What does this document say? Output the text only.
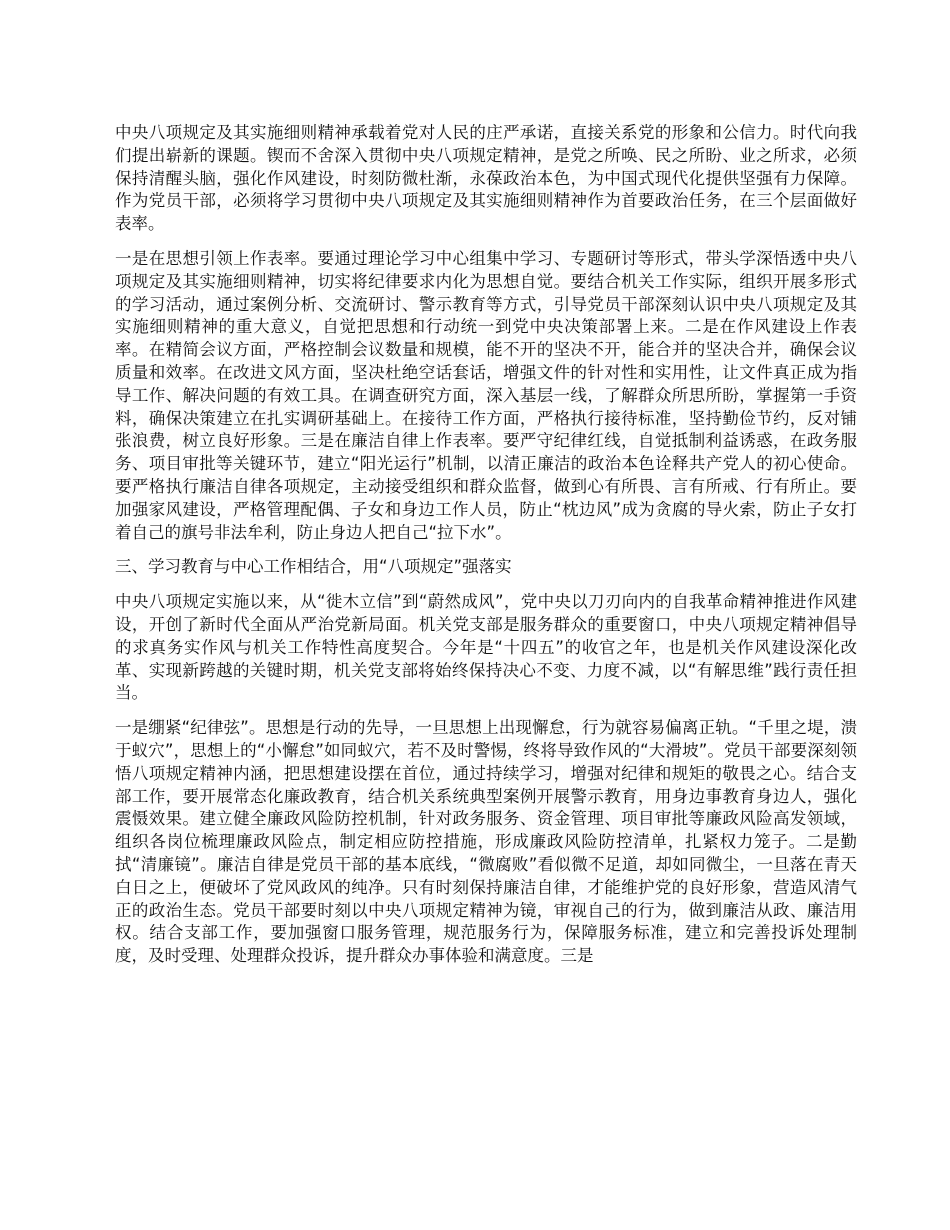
中央八项规定及其实施细则精神承载着党对人民的庄严承诺，直接关系党的形象和公信力。时代向我们提出崭新的课题。锲而不舍深入贯彻中央八项规定精神，是党之所唤、民之所盼、业之所求，必须保持清醒头脑，强化作风建设，时刻防微杜渐，永葆政治本色，为中国式现代化提供坚强有力保障。作为党员干部，必须将学习贯彻中央八项规定及其实施细则精神作为首要政治任务，在三个层面做好表率。

一是在思想引领上作表率。要通过理论学习中心组集中学习、专题研讨等形式，带头学深悟透中央八项规定及其实施细则精神，切实将纪律要求内化为思想自觉。要结合机关工作实际，组织开展多形式的学习活动，通过案例分析、交流研讨、警示教育等方式，引导党员干部深刻认识中央八项规定及其实施细则精神的重大意义，自觉把思想和行动统一到党中央决策部署上来。二是在作风建设上作表率。在精简会议方面，严格控制会议数量和规模，能不开的坚决不开，能合并的坚决合并，确保会议质量和效率。在改进文风方面，坚决杜绝空话套话，增强文件的针对性和实用性，让文件真正成为指导工作、解决问题的有效工具。在调查研究方面，深入基层一线，了解群众所思所盼，掌握第一手资料，确保决策建立在扎实调研基础上。在接待工作方面，严格执行接待标准，坚持勤俭节约，反对铺张浪费，树立良好形象。三是在廉洁自律上作表率。要严守纪律红线，自觉抵制利益诱惑，在政务服务、项目审批等关键环节，建立“阳光运行”机制，以清正廉洁的政治本色诠释共产党人的初心使命。要严格执行廉洁自律各项规定，主动接受组织和群众监督，做到心有所畏、言有所戒、行有所止。要加强家风建设，严格管理配偶、子女和身边工作人员，防止“枕边风”成为贪腐的导火索，防止子女打着自己的旗号非法牟利，防止身边人把自己“拉下水”。

三、学习教育与中心工作相结合，用“八项规定”强落实

中央八项规定实施以来，从“徙木立信”到“蔚然成风”，党中央以刀刃向内的自我革命精神推进作风建设，开创了新时代全面从严治党新局面。机关党支部是服务群众的重要窗口，中央八项规定精神倡导的求真务实作风与机关工作特性高度契合。今年是“十四五”的收官之年，也是机关作风建设深化改革、实现新跨越的关键时期，机关党支部将始终保持决心不变、力度不减，以“有解思维”践行责任担当。

一是绷紧“纪律弦”。思想是行动的先导，一旦思想上出现懈怠，行为就容易偏离正轨。“千里之堤，溃于蚁穴”，思想上的“小懈怠”如同蚁穴，若不及时警惕，终将导致作风的“大滑坡”。党员干部要深刻领悟八项规定精神内涵，把思想建设摆在首位，通过持续学习，增强对纪律和规矩的敬畏之心。结合支部工作，要开展常态化廉政教育，结合机关系统典型案例开展警示教育，用身边事教育身边人，强化震慑效果。建立健全廉政风险防控机制，针对政务服务、资金管理、项目审批等廉政风险高发领域，组织各岗位梳理廉政风险点，制定相应防控措施，形成廉政风险防控清单，扎紧权力笼子。二是勤拭“清廉镜”。廉洁自律是党员干部的基本底线，“微腐败”看似微不足道，却如同微尘，一旦落在青天白日之上，便破坏了党风政风的纯净。只有时刻保持廉洁自律，才能维护党的良好形象，营造风清气正的政治生态。党员干部要时刻以中央八项规定精神为镜，审视自己的行为，做到廉洁从政、廉洁用权。结合支部工作，要加强窗口服务管理，规范服务行为，保障服务标准，建立和完善投诉处理制度，及时受理、处理群众投诉，提升群众办事体验和满意度。三是
